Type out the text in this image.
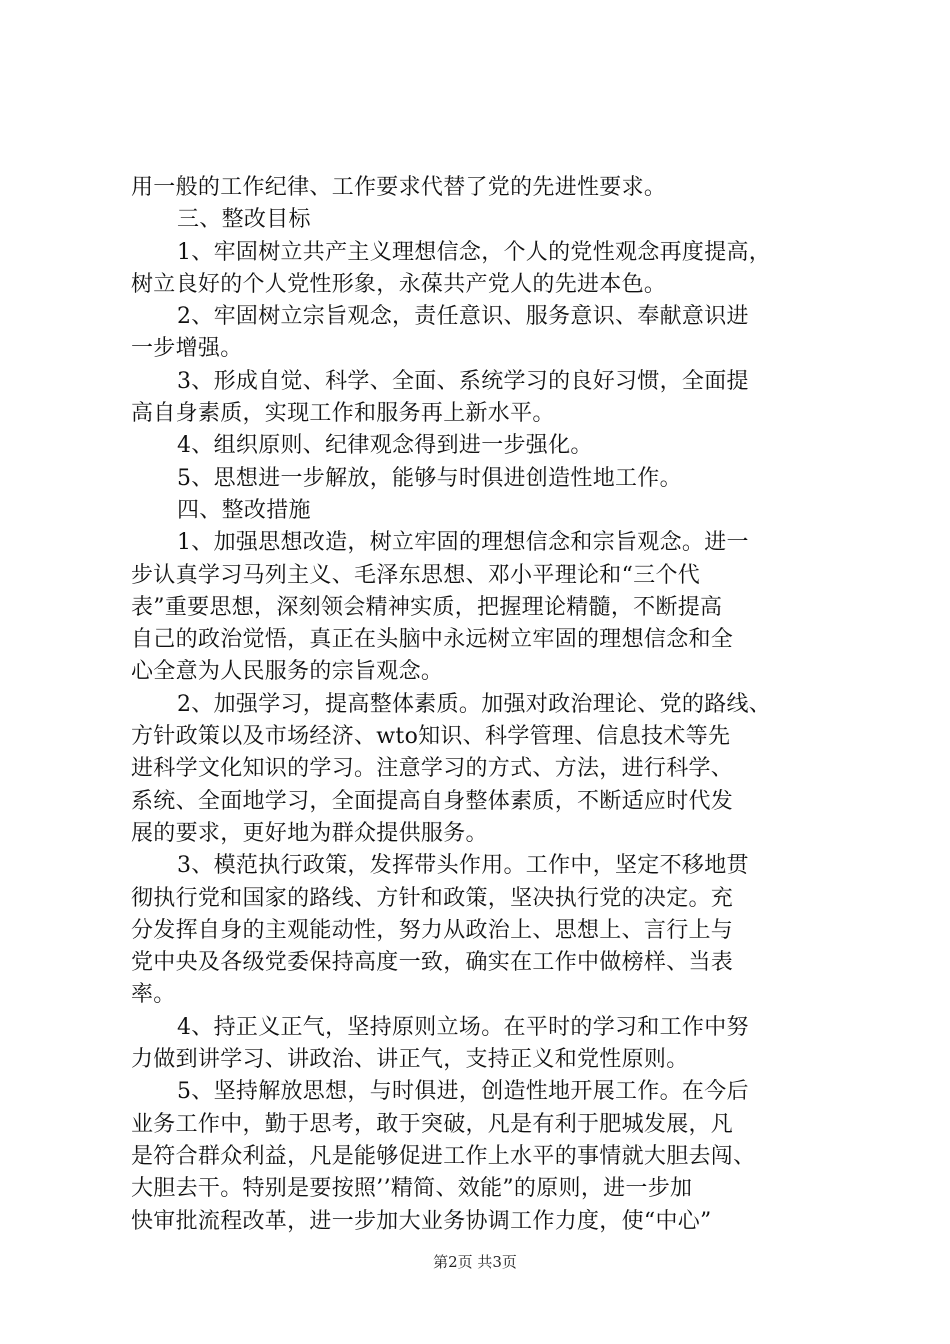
用一般的工作纪律、工作要求代替了党的先进性要求。
三、整改目标
1、牢固树立共产主义理想信念，个人的党性观念再度提高，
树立良好的个人党性形象，永葆共产党人的先进本色。
2、牢固树立宗旨观念，责任意识、服务意识、奉献意识进
一步增强。
3、形成自觉、科学、全面、系统学习的良好习惯，全面提
高自身素质，实现工作和服务再上新水平。
4、组织原则、纪律观念得到进一步强化。
5、思想进一步解放，能够与时俱进创造性地工作。
四、整改措施
1、加强思想改造，树立牢固的理想信念和宗旨观念。进一
步认真学习马列主义、毛泽东思想、邓小平理论和“三个代
表”重要思想，深刻领会精神实质，把握理论精髓，不断提高
自己的政治觉悟，真正在头脑中永远树立牢固的理想信念和全
心全意为人民服务的宗旨观念。
2、加强学习，提高整体素质。加强对政治理论、党的路线、
方针政策以及市场经济、wto知识、科学管理、信息技术等先
进科学文化知识的学习。注意学习的方式、方法，进行科学、
系统、全面地学习，全面提高自身整体素质，不断适应时代发
展的要求，更好地为群众提供服务。
3、模范执行政策，发挥带头作用。工作中，坚定不移地贯
彻执行党和国家的路线、方针和政策，坚决执行党的决定。充
分发挥自身的主观能动性，努力从政治上、思想上、言行上与
党中央及各级党委保持高度一致，确实在工作中做榜样、当表
率。
4、持正义正气，坚持原则立场。在平时的学习和工作中努
力做到讲学习、讲政治、讲正气，支持正义和党性原则。
5、坚持解放思想，与时俱进，创造性地开展工作。在今后
业务工作中，勤于思考，敢于突破，凡是有利于肥城发展，凡
是符合群众利益，凡是能够促进工作上水平的事情就大胆去闯、
大胆去干。特别是要按照’’精简、效能”的原则，进一步加
快审批流程改革，进一步加大业务协调工作力度，使“中心”
第2页 共3页
